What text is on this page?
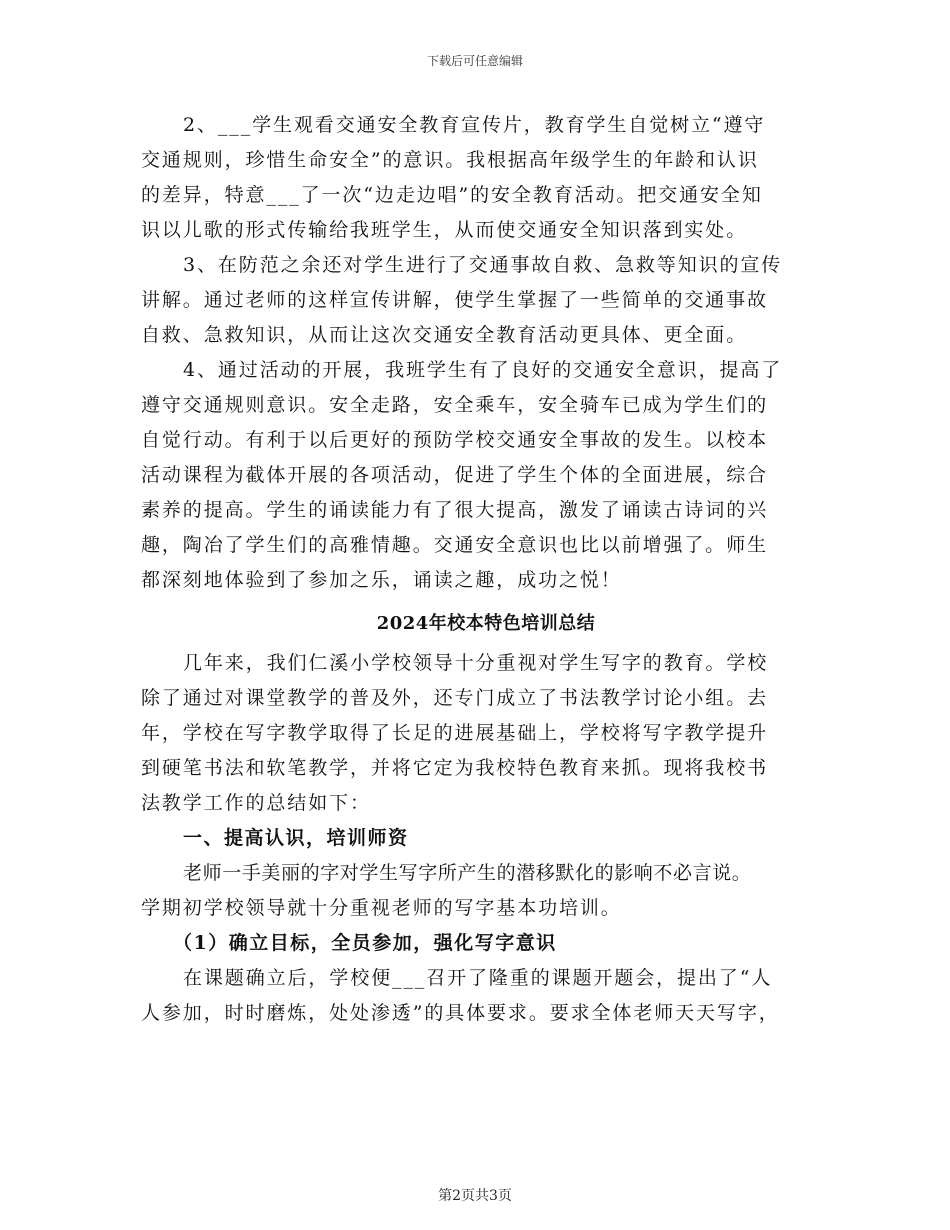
下载后可任意编辑
2、___学生观看交通安全教育宣传片，教育学生自觉树立“遵守
交通规则，珍惜生命安全”的意识。我根据高年级学生的年龄和认识
的差异，特意___了一次“边走边唱”的安全教育活动。把交通安全知
识以儿歌的形式传输给我班学生，从而使交通安全知识落到实处。
3、在防范之余还对学生进行了交通事故自救、急救等知识的宣传
讲解。通过老师的这样宣传讲解，使学生掌握了一些简单的交通事故
自救、急救知识，从而让这次交通安全教育活动更具体、更全面。
4、通过活动的开展，我班学生有了良好的交通安全意识，提高了
遵守交通规则意识。安全走路，安全乘车，安全骑车已成为学生们的
自觉行动。有利于以后更好的预防学校交通安全事故的发生。以校本
活动课程为截体开展的各项活动，促进了学生个体的全面进展，综合
素养的提高。学生的诵读能力有了很大提高，激发了诵读古诗词的兴
趣，陶冶了学生们的高雅情趣。交通安全意识也比以前增强了。师生
都深刻地体验到了参加之乐，诵读之趣，成功之悦！
2024年校本特色培训总结
几年来，我们仁溪小学校领导十分重视对学生写字的教育。学校
除了通过对课堂教学的普及外，还专门成立了书法教学讨论小组。去
年，学校在写字教学取得了长足的进展基础上，学校将写字教学提升
到硬笔书法和软笔教学，并将它定为我校特色教育来抓。现将我校书
法教学工作的总结如下：
一、提高认识，培训师资
老师一手美丽的字对学生写字所产生的潜移默化的影响不必言说。
学期初学校领导就十分重视老师的写字基本功培训。
（1）确立目标，全员参加，强化写字意识
在课题确立后，学校便___召开了隆重的课题开题会，提出了“人
人参加，时时磨炼，处处渗透”的具体要求。要求全体老师天天写字，
第2页共3页
